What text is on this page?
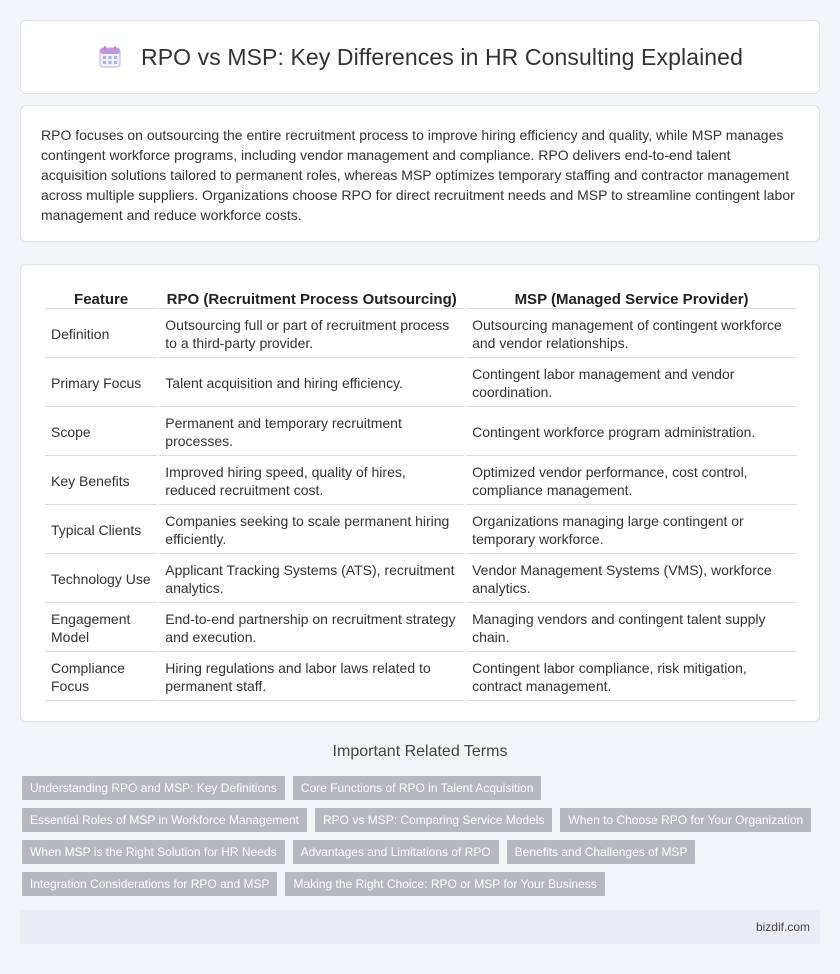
RPO vs MSP: Key Differences in HR Consulting Explained

RPO focuses on outsourcing the entire recruitment process to improve hiring efficiency and quality, while MSP manages contingent workforce programs, including vendor management and compliance. RPO delivers end-to-end talent acquisition solutions tailored to permanent roles, whereas MSP optimizes temporary staffing and contractor management across multiple suppliers. Organizations choose RPO for direct recruitment needs and MSP to streamline contingent labor management and reduce workforce costs.

Feature	RPO (Recruitment Process Outsourcing)	MSP (Managed Service Provider)
Definition	Outsourcing full or part of recruitment process to a third-party provider.	Outsourcing management of contingent workforce and vendor relationships.
Primary Focus	Talent acquisition and hiring efficiency.	Contingent labor management and vendor coordination.
Scope	Permanent and temporary recruitment processes.	Contingent workforce program administration.
Key Benefits	Improved hiring speed, quality of hires, reduced recruitment cost.	Optimized vendor performance, cost control, compliance management.
Typical Clients	Companies seeking to scale permanent hiring efficiently.	Organizations managing large contingent or temporary workforce.
Technology Use	Applicant Tracking Systems (ATS), recruitment analytics.	Vendor Management Systems (VMS), workforce analytics.
Engagement Model	End-to-end partnership on recruitment strategy and execution.	Managing vendors and contingent talent supply chain.
Compliance Focus	Hiring regulations and labor laws related to permanent staff.	Contingent labor compliance, risk mitigation, contract management.
Important Related Terms
Understanding RPO and MSP: Key Definitions	Core Functions of RPO in Talent Acquisition
Essential Roles of MSP in Workforce Management	RPO vs MSP: Comparing Service Models	When to Choose RPO for Your Organization
When MSP is the Right Solution for HR Needs	Advantages and Limitations of RPO	Benefits and Challenges of MSP
Integration Considerations for RPO and MSP	Making the Right Choice: RPO or MSP for Your Business
bizdif.com
